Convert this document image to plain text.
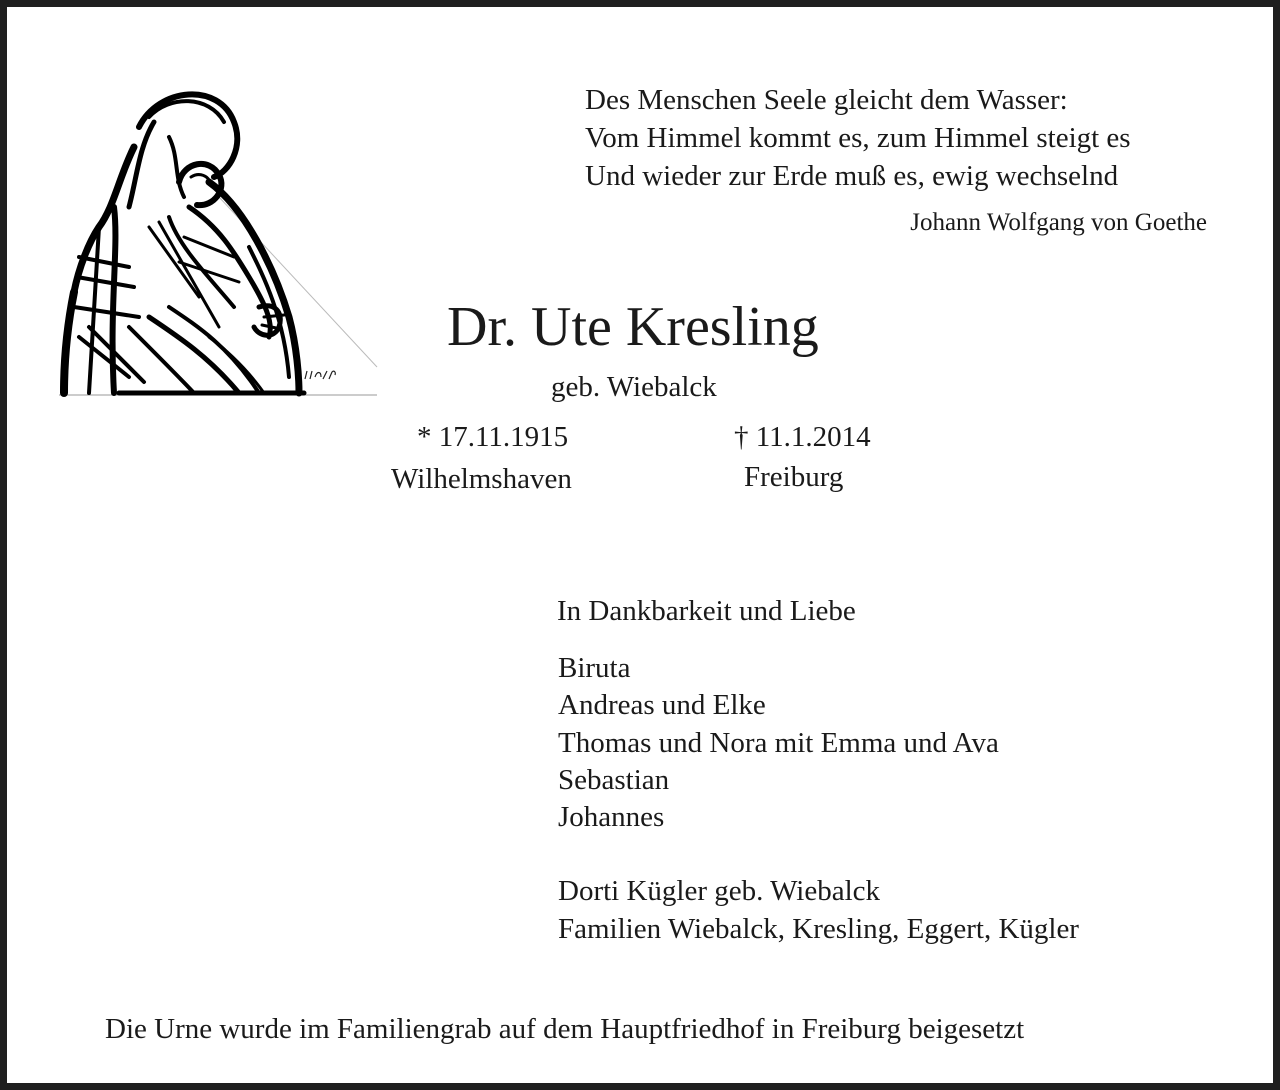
Des Menschen Seele gleicht dem Wasser:
Vom Himmel kommt es, zum Himmel steigt es
Und wieder zur Erde muß es, ewig wechselnd
Johann Wolfgang von Goethe
Dr. Ute Kresling
geb. Wiebalck
* 17.11.1915
Wilhelmshaven
† 11.1.2014
Freiburg
In Dankbarkeit und Liebe
Biruta
Andreas und Elke
Thomas und Nora mit Emma und Ava
Sebastian
Johannes
Dorti Kügler geb. Wiebalck
Familien Wiebalck, Kresling, Eggert, Kügler
Die Urne wurde im Familiengrab auf dem Hauptfriedhof in Freiburg beigesetzt
